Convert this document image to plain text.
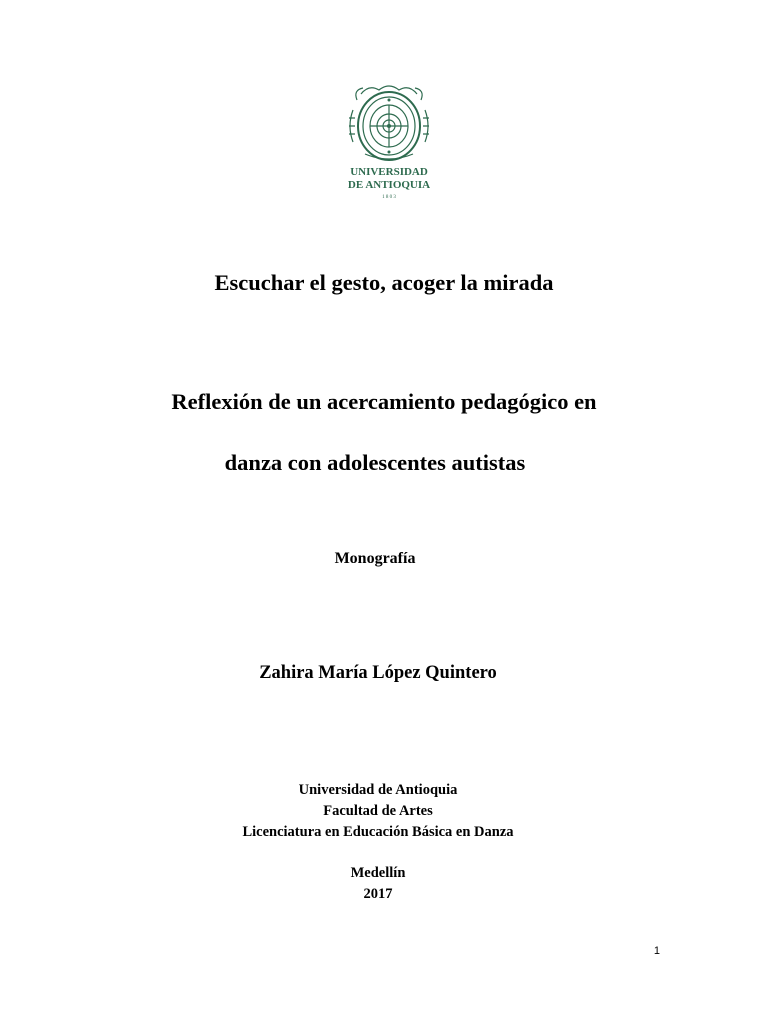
UNIVERSIDAD
DE ANTIOQUIA
1 8 0 3
Escuchar el gesto, acoger la mirada
Reflexión de un acercamiento pedagógico en
danza con adolescentes autistas
Monografía
Zahira María López Quintero
Universidad de Antioquia
Facultad de Artes
Licenciatura en Educación Básica en Danza
Medellín
2017
1
